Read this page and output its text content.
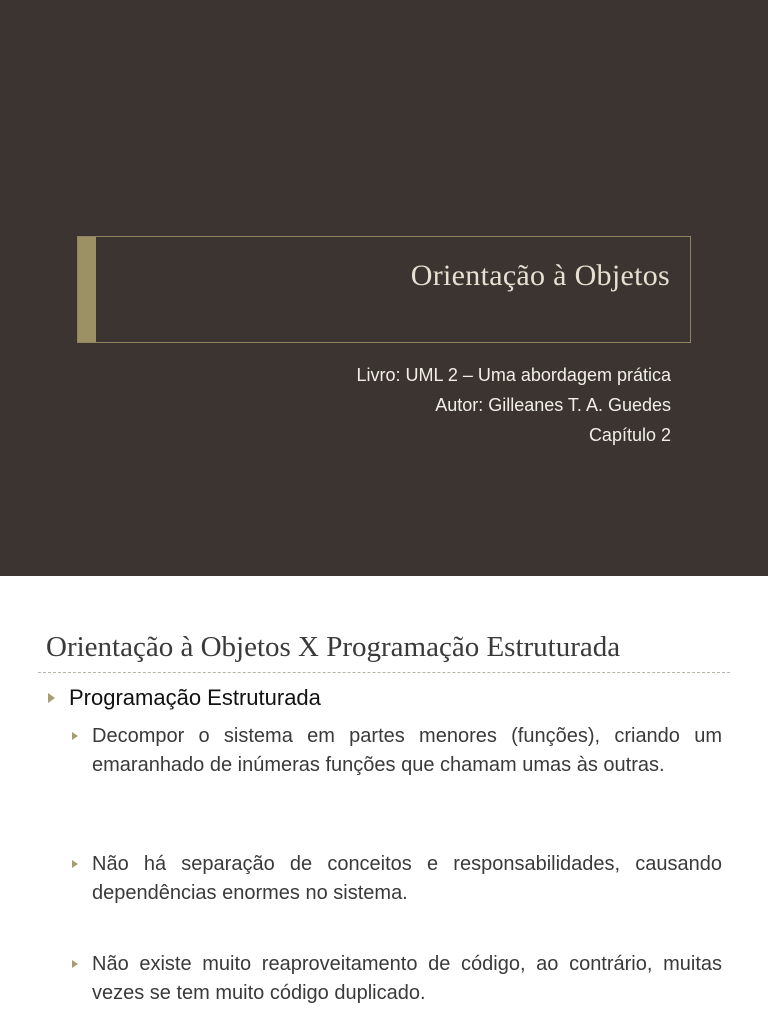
Orientação à Objetos
Livro: UML 2 – Uma abordagem prática
Autor: Gilleanes T. A. Guedes
Capítulo 2
Orientação à Objetos X Programação Estruturada
Programação Estruturada
Decompor o sistema em partes menores (funções), criando um emaranhado de inúmeras funções que chamam umas às outras.
Não há separação de conceitos e responsabilidades, causando dependências enormes no sistema.
Não existe muito reaproveitamento de código, ao contrário, muitas vezes se tem muito código duplicado.
